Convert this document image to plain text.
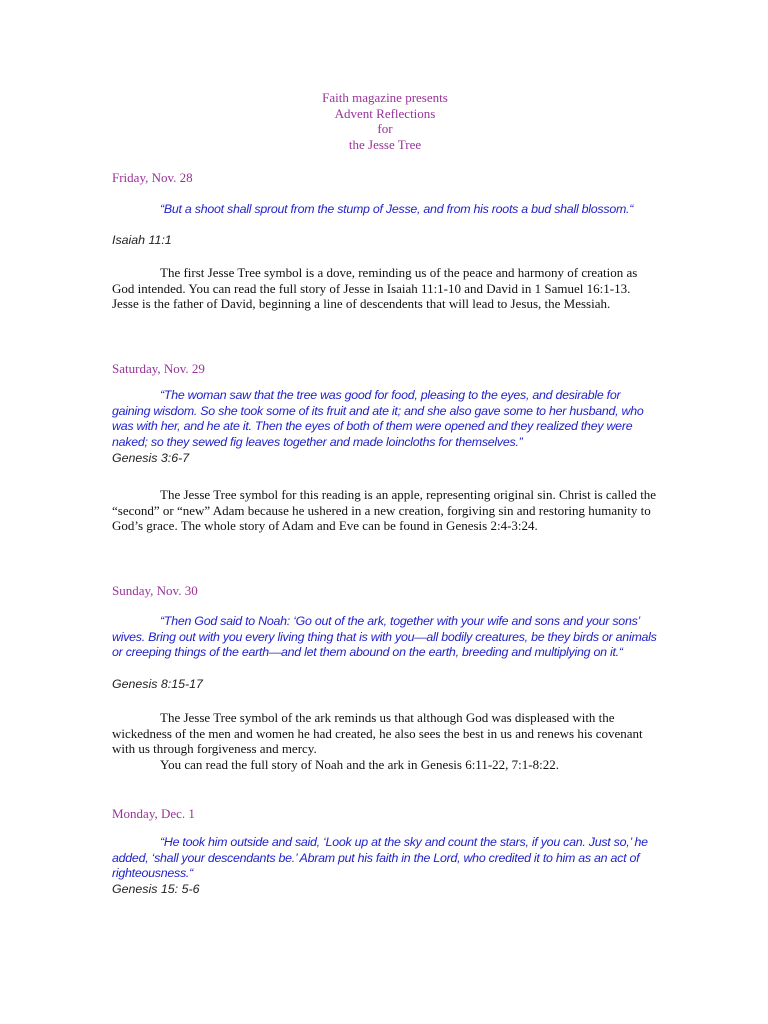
Faith magazine presents
Advent Reflections
for
the Jesse Tree
Friday, Nov. 28
“But a shoot shall sprout from the stump of Jesse, and from his roots a bud shall blossom.“
Isaiah 11:1
The first Jesse Tree symbol is a dove, reminding us of the peace and harmony of creation as God intended. You can read the full story of Jesse in Isaiah 11:1-10 and David in 1 Samuel 16:1-13. Jesse is the father of David, beginning a line of descendents that will lead to Jesus, the Messiah.
Saturday, Nov. 29
“The woman saw that the tree was good for food, pleasing to the eyes, and desirable for gaining wisdom. So she took some of its fruit and ate it; and she also gave some to her husband, who was with her, and he ate it. Then the eyes of both of them were opened and they realized they were naked; so they sewed fig leaves together and made loincloths for themselves.”
Genesis 3:6-7
The Jesse Tree symbol for this reading is an apple, representing original sin. Christ is called the “second” or “new” Adam because he ushered in a new creation, forgiving sin and restoring humanity to God’s grace. The whole story of Adam and Eve can be found in Genesis 2:4-3:24.
Sunday, Nov. 30
“Then God said to Noah: ‘Go out of the ark, together with your wife and sons and your sons’ wives. Bring out with you every living thing that is with you—all bodily creatures, be they birds or animals or creeping things of the earth—and let them abound on the earth, breeding and multiplying on it.“
Genesis 8:15-17
The Jesse Tree symbol of the ark reminds us that although God was displeased with the wickedness of the men and women he had created, he also sees the best in us and renews his covenant with us through forgiveness and mercy.
You can read the full story of Noah and the ark in Genesis 6:11-22, 7:1-8:22.
Monday, Dec. 1
“He took him outside and said, ‘Look up at the sky and count the stars, if you can. Just so,’ he added, ‘shall your descendants be.’ Abram put his faith in the Lord, who credited it to him as an act of righteousness.“
Genesis 15: 5-6
